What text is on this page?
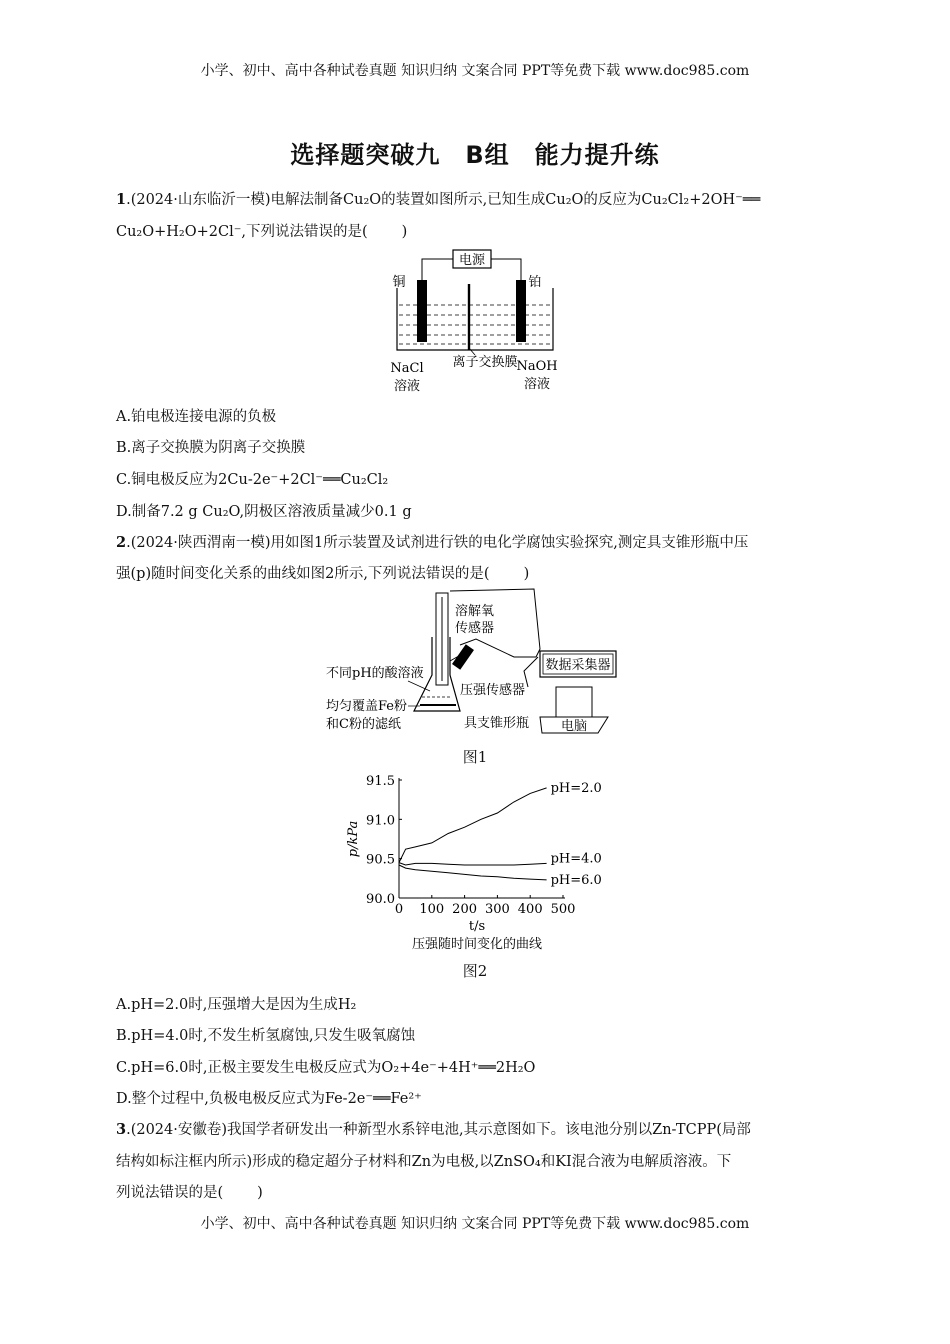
小学、初中、高中各种试卷真题 知识归纳 文案合同 PPT等免费下载 www.doc985.com
选择题突破九　B组　能力提升练
1.(2024·山东临沂一模)电解法制备Cu₂O的装置如图所示,已知生成Cu₂O的反应为Cu₂Cl₂+2OH⁻══
Cu₂O+H₂O+2Cl⁻,下列说法错误的是( )
电源
铜	铂
离子交换膜
NaCl
溶液
NaOH
溶液
A.铂电极连接电源的负极
B.离子交换膜为阴离子交换膜
C.铜电极反应为2Cu-2e⁻+2Cl⁻══Cu₂Cl₂
D.制备7.2 g Cu₂O,阴极区溶液质量减少0.1 g
2.(2024·陕西渭南一模)用如图1所示装置及试剂进行铁的电化学腐蚀实验探究,测定具支锥形瓶中压
强(p)随时间变化关系的曲线如图2所示,下列说法错误的是( )
数据采集器
电脑
溶解氧
传感器
不同pH的酸溶液
压强传感器
均匀覆盖Fe粉
和C粉的滤纸	具支锥形瓶
图1
0 100 200 300 400 500
90.0
90.5
91.0
91.5	pH=2.0
pH=4.0
pH=6.0
p/kPa
t/s
压强随时间变化的曲线
图2
A.pH=2.0时,压强增大是因为生成H₂
B.pH=4.0时,不发生析氢腐蚀,只发生吸氧腐蚀
C.pH=6.0时,正极主要发生电极反应式为O₂+4e⁻+4H⁺══2H₂O
D.整个过程中,负极电极反应式为Fe-2e⁻══Fe²⁺
3.(2024·安徽卷)我国学者研发出一种新型水系锌电池,其示意图如下。该电池分别以Zn-TCPP(局部
结构如标注框内所示)形成的稳定超分子材料和Zn为电极,以ZnSO₄和KI混合液为电解质溶液。下
列说法错误的是( )
小学、初中、高中各种试卷真题 知识归纳 文案合同 PPT等免费下载 www.doc985.com
